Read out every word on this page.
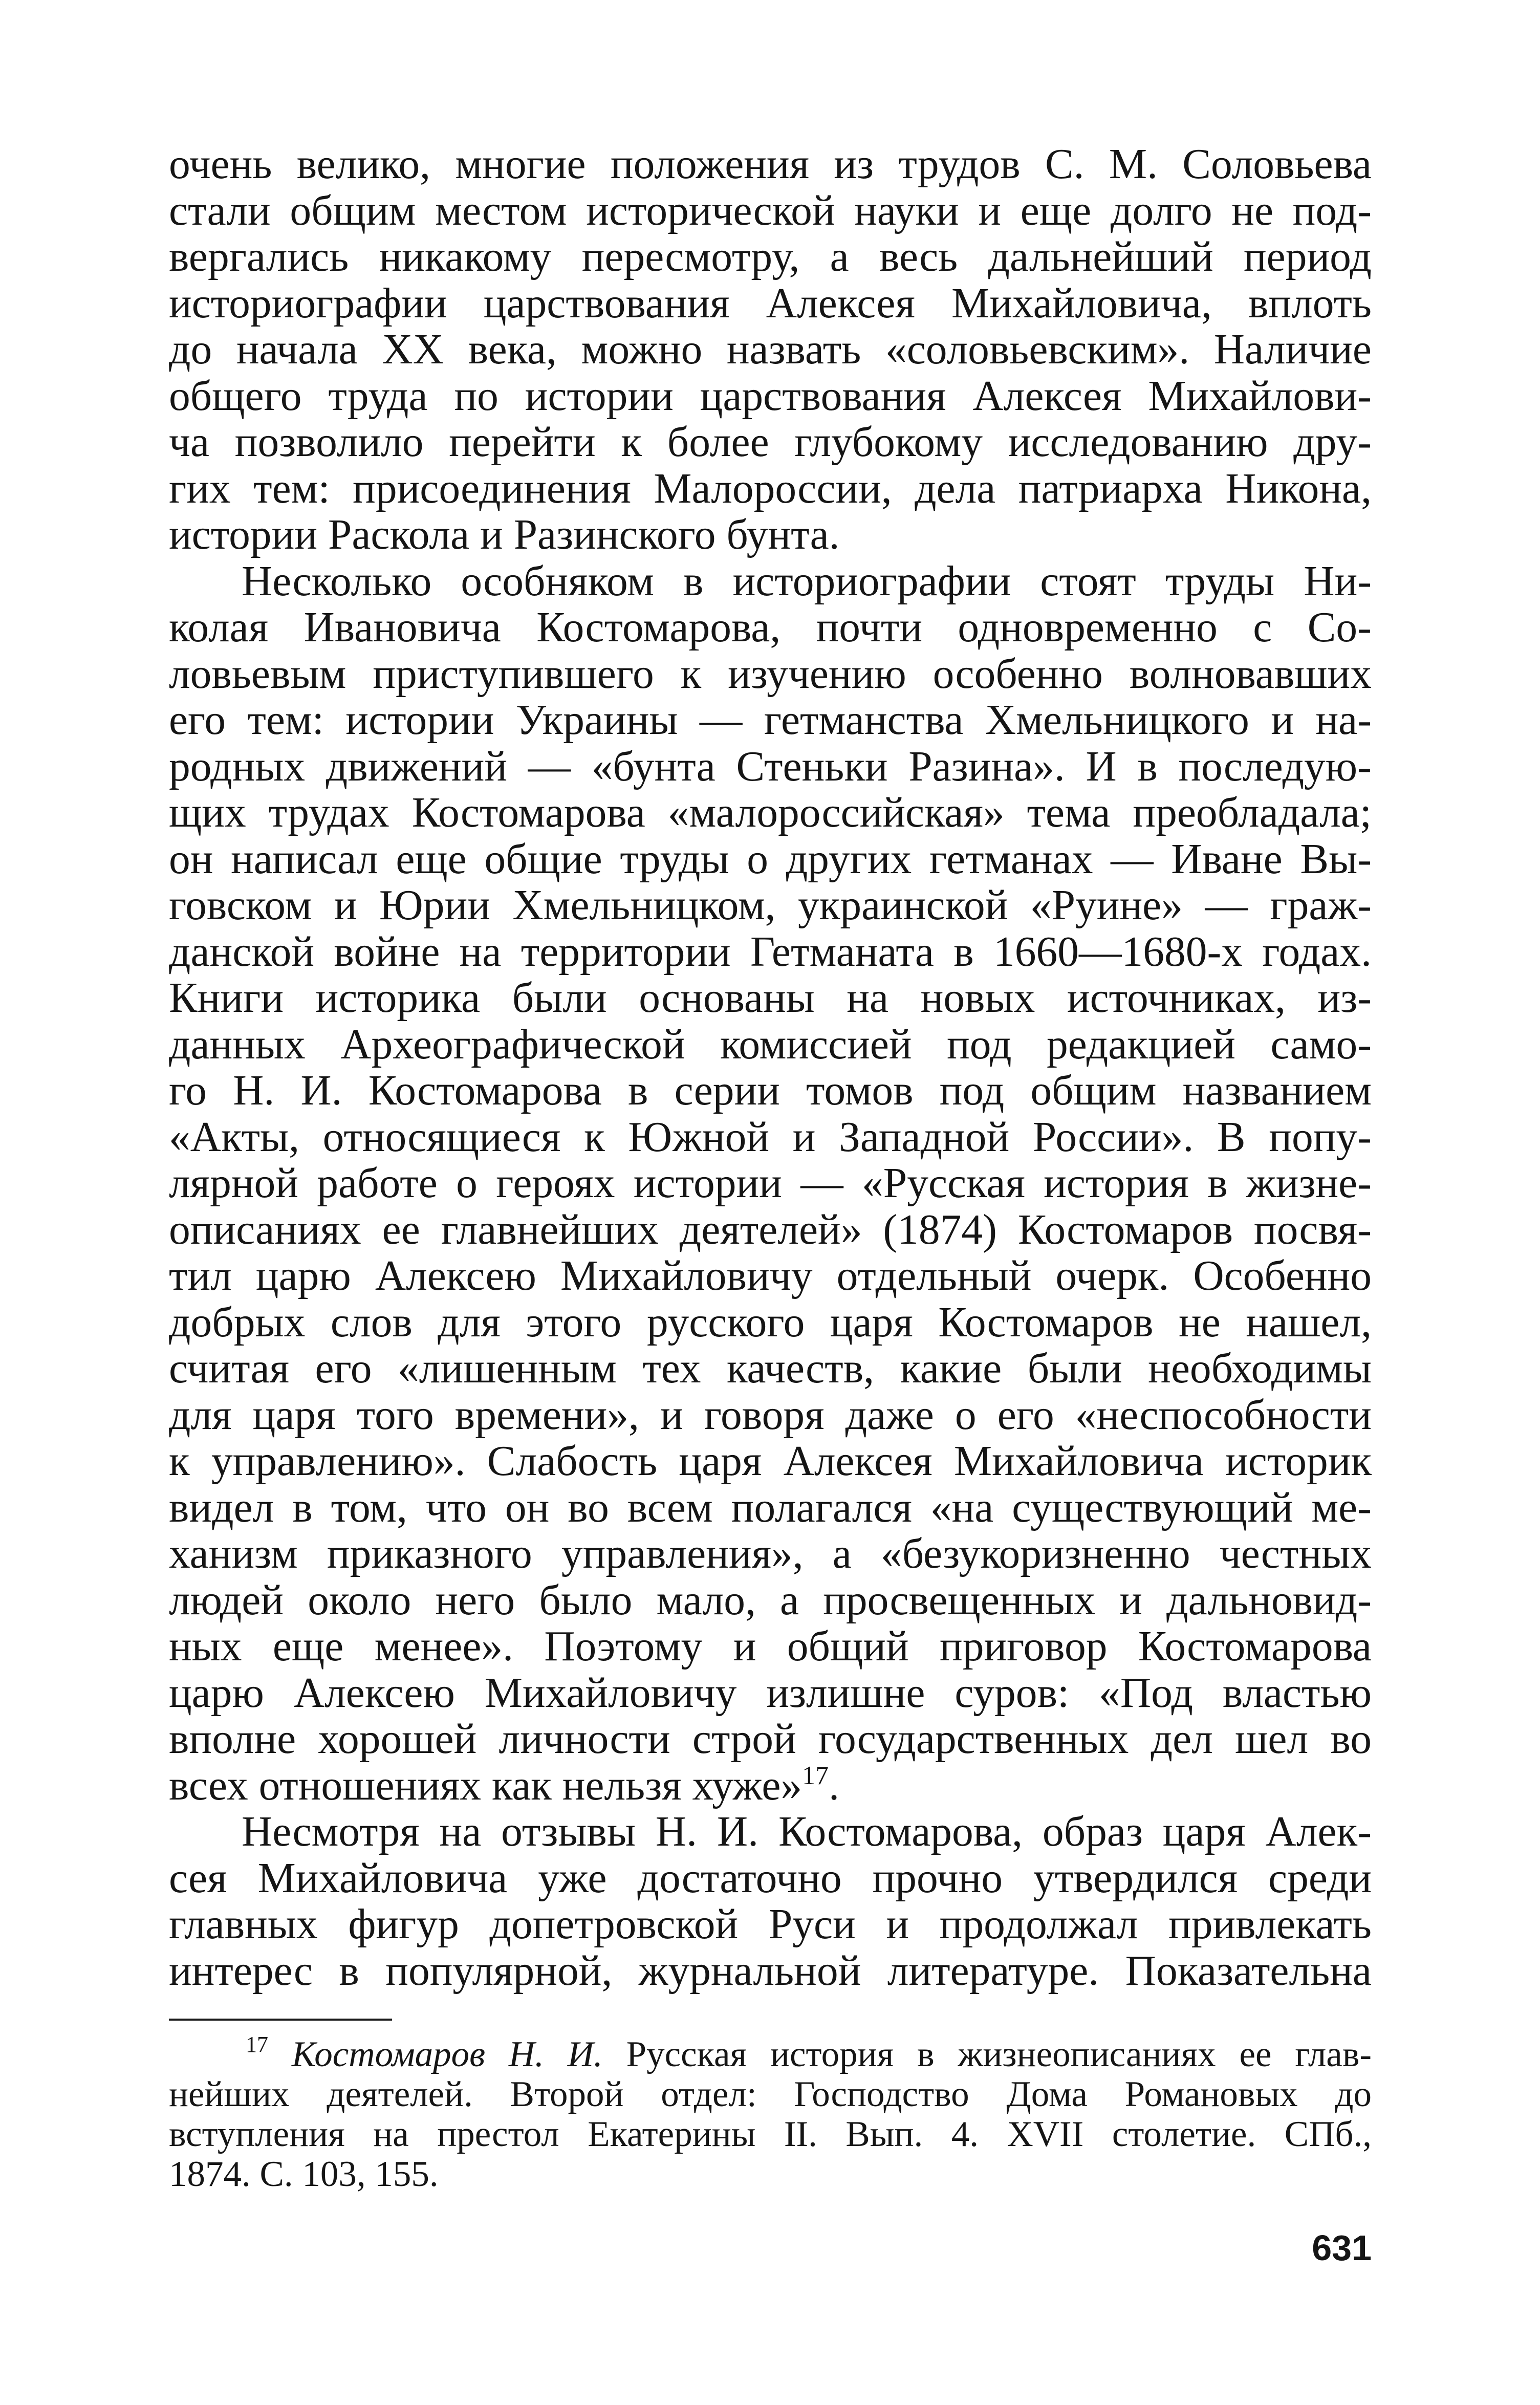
очень велико, многие положения из трудов С. М. Соловьева
стали общим местом исторической науки и еще долго не под-
вергались никакому пересмотру, а весь дальнейший период
историографии царствования Алексея Михайловича, вплоть
до начала XX века, можно назвать «соловьевским». Наличие
общего труда по истории царствования Алексея Михайлови-
ча позволило перейти к более глубокому исследованию дру-
гих тем: присоединения Малороссии, дела патриарха Никона,
истории Раскола и Разинского бунта.
Несколько особняком в историографии стоят труды Ни-
колая Ивановича Костомарова, почти одновременно с Со-
ловьевым приступившего к изучению особенно волновавших
его тем: истории Украины — гетманства Хмельницкого и на-
родных движений — «бунта Стеньки Разина». И в последую-
щих трудах Костомарова «малороссийская» тема преобладала;
он написал еще общие труды о других гетманах — Иване Вы-
говском и Юрии Хмельницком, украинской «Руине» — граж-
данской войне на территории Гетманата в 1660—1680-х годах.
Книги историка были основаны на новых источниках, из-
данных Археографической комиссией под редакцией само-
го Н. И. Костомарова в серии томов под общим названием
«Акты, относящиеся к Южной и Западной России». В попу-
лярной работе о героях истории — «Русская история в жизне-
описаниях ее главнейших деятелей» (1874) Костомаров посвя-
тил царю Алексею Михайловичу отдельный очерк. Особенно
добрых слов для этого русского царя Костомаров не нашел,
считая его «лишенным тех качеств, какие были необходимы
для царя того времени», и говоря даже о его «неспособности
к управлению». Слабость царя Алексея Михайловича историк
видел в том, что он во всем полагался «на существующий ме-
ханизм приказного управления», а «безукоризненно честных
людей около него было мало, а просвещенных и дальновид-
ных еще менее». Поэтому и общий приговор Костомарова
царю Алексею Михайловичу излишне суров: «Под властью
вполне хорошей личности строй государственных дел шел во
всех отношениях как нельзя хуже»$^{17}$.
Несмотря на отзывы Н. И. Костомарова, образ царя Алек-
сея Михайловича уже достаточно прочно утвердился среди
главных фигур допетровской Руси и продолжал привлекать
интерес в популярной, журнальной литературе. Показательна
$^{17}$ Костомаров Н. И. Русская история в жизнеописаниях ее глав-
нейших деятелей. Второй отдел: Господство Дома Романовых до
вступления на престол Екатерины II. Вып. 4. XVII столетие. СПб.,
1874. С. 103, 155.
631
